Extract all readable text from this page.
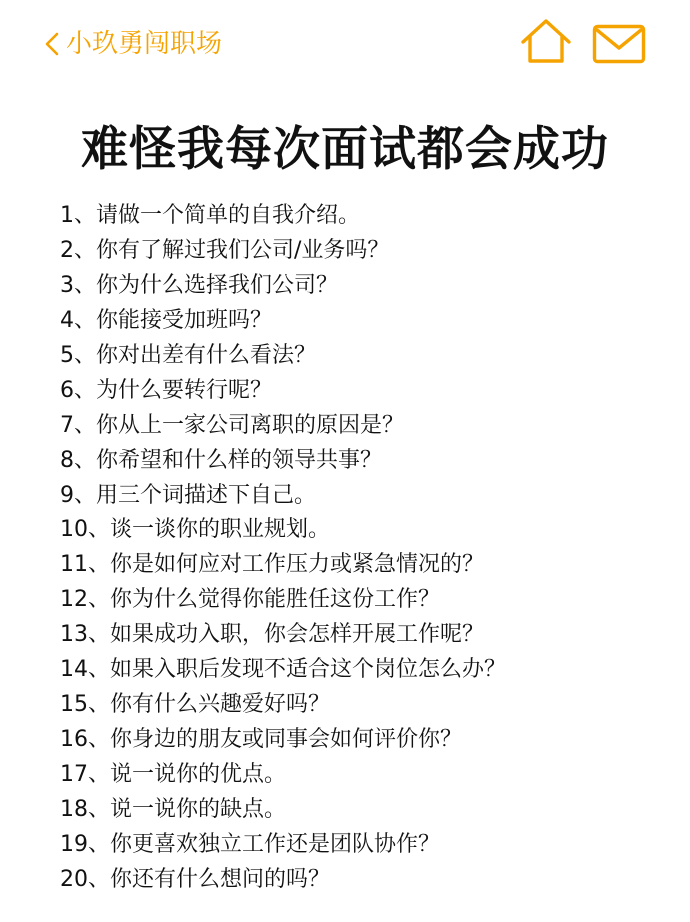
小玖勇闯职场
难怪我每次面试都会成功
1、请做一个简单的自我介绍。
2、你有了解过我们公司/业务吗？
3、你为什么选择我们公司？
4、你能接受加班吗？
5、你对出差有什么看法？
6、为什么要转行呢？
7、你从上一家公司离职的原因是？
8、你希望和什么样的领导共事？
9、用三个词描述下自己。
10、谈一谈你的职业规划。
11、你是如何应对工作压力或紧急情况的？
12、你为什么觉得你能胜任这份工作？
13、如果成功入职，你会怎样开展工作呢？
14、如果入职后发现不适合这个岗位怎么办？
15、你有什么兴趣爱好吗？
16、你身边的朋友或同事会如何评价你？
17、说一说你的优点。
18、说一说你的缺点。
19、你更喜欢独立工作还是团队协作？
20、你还有什么想问的吗？
